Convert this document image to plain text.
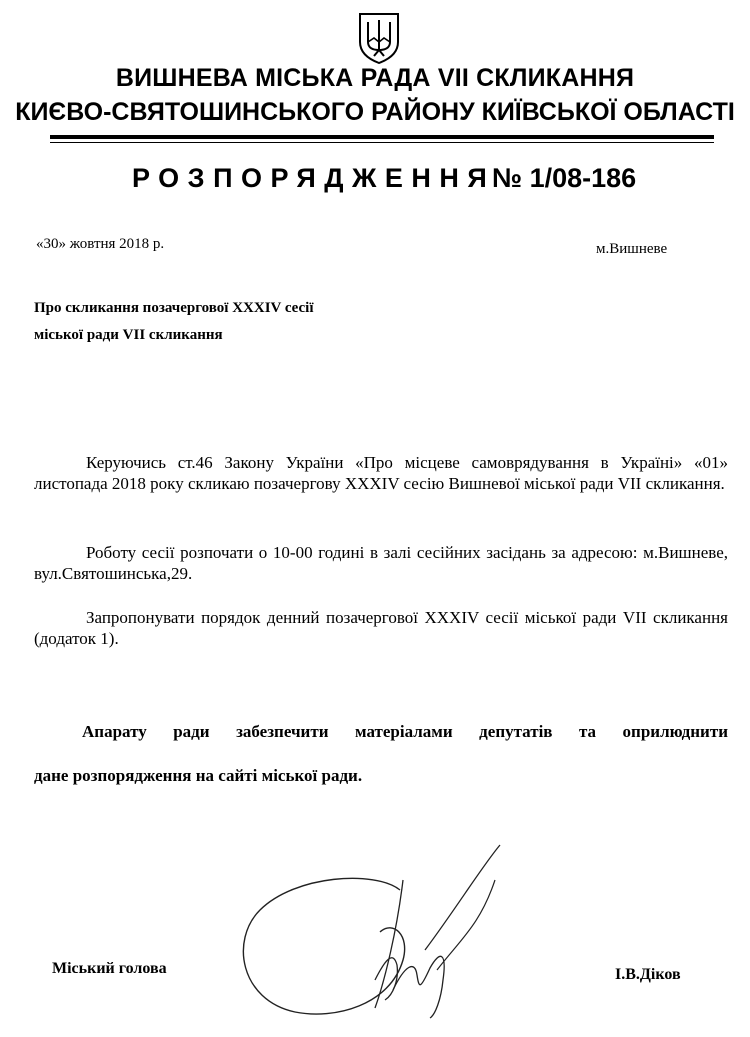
ВИШНЕВА МІСЬКА РАДА VII СКЛИКАННЯ
КИЄВО-СВЯТОШИНСЬКОГО РАЙОНУ КИЇВСЬКОЇ ОБЛАСТІ
РОЗПОРЯДЖЕННЯ
№ 1/08-186
«30» жовтня 2018 р.	м.Вишневе
Про скликання позачергової XXXIV сесії
міської ради VII скликання
Керуючись ст.46 Закону України «Про місцеве самоврядування в Україні» «01» листопада 2018 року скликаю позачергову XXXIV сесію Вишневої міської ради VII скликання.
Роботу сесії розпочати о 10-00 годині в залі сесійних засідань за адресою: м.Вишневе, вул.Святошинська,29.
Запропонувати порядок денний позачергової XXXIV сесії міської ради VII скликання (додаток 1).
Апарату ради забезпечити матеріалами депутатів та оприлюднити
дане розпорядження на сайті міської ради.
Міський голова	І.В.Діков
